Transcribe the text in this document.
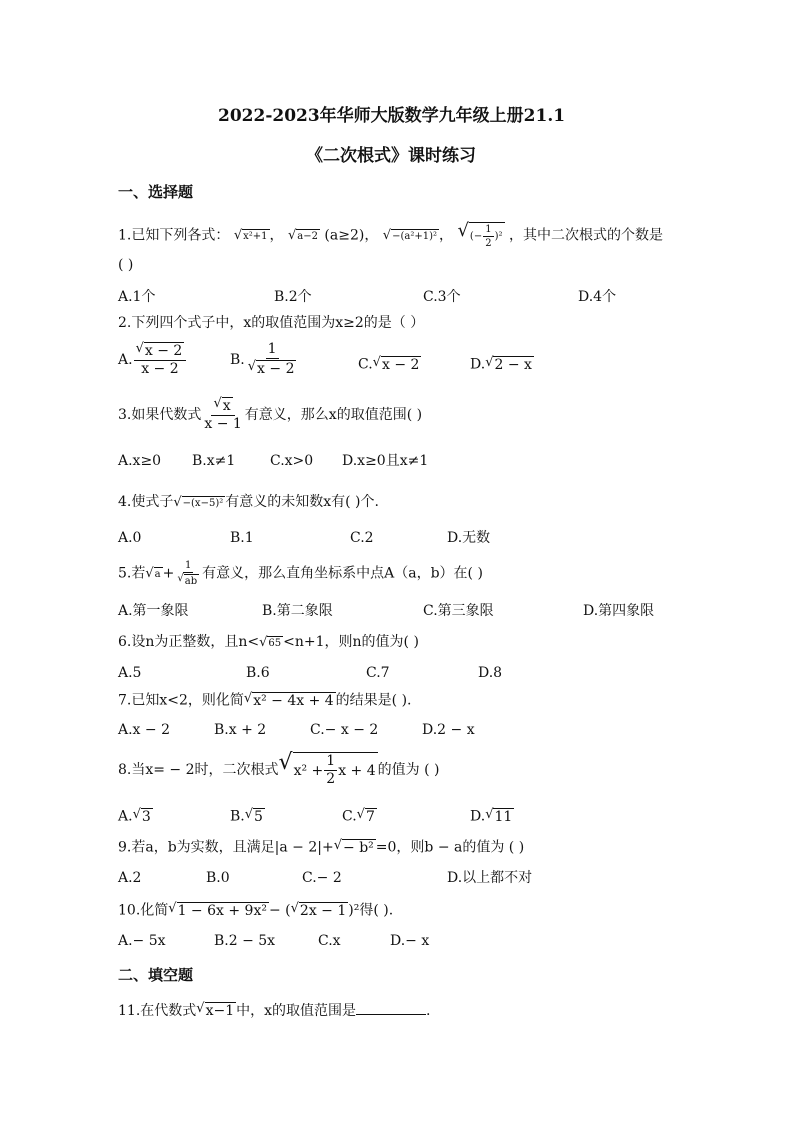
2022-2023年华师大版数学九年级上册21.1
《二次根式》课时练习
一、选择题
1.已知下列各式： √ x²+1 ， √ a−2 (a≥2)， √ −(a²+1)² ， √ (− $\frac{1}{2} )^2$ ，其中二次根式的个数是
( )
A.1个	B.2个	C.3个	D.4个
2.下列四个式子中，x的取值范围为x≥2的是（ ）
A. $\frac{√ x - 2}{x - 2}$	B. $\frac{1}{√ x - 2}$	C. √ x − 2	D. √ 2 − x
3.如果代数式 $\frac{√ x}{x - 1}$ 有意义，那么x的取值范围( )
A.x≥0 B.x≠1 C.x>0 D.x≥0且x≠1
4.使式子 √ −(x−5)² 有意义的未知数x有( )个.
A.0	B.1	C.2	D.无数
5.若 √ $a + \frac{1}{√ ab}$ 有意义，那么直角坐标系中点A（a，b）在( )
A.第一象限	B.第二象限	C.第三象限	D.第四象限
6.设n为正整数，且n< √ 65 <n+1，则n的值为( )
A.5	B.6	C.7	D.8
7.已知x<2，则化简 √ x² − 4x + 4 的结果是( ).
A.x − 2	B.x + 2	C.− x − 2	D.2 − x
8.当x= − 2时，二次根式 √ $x^2 + \frac{1}{2}$ x + 4 的值为 ( )
A. √ 3	B. √ 5	C. √ 7	D. √ 11
9.若a，b为实数，且满足|a − 2|+ √ − b² =0，则b − a的值为 ( )
A.2	B.0	C.− 2	D.以上都不对
10.化简 √ 1 − 6x + 9x² − ( √ 2x − 1 )²得( ).
A.− 5x	B.2 − 5x	C.x	D.− x
二、填空题
11.在代数式 √ x−1 中，x的取值范围是	.
